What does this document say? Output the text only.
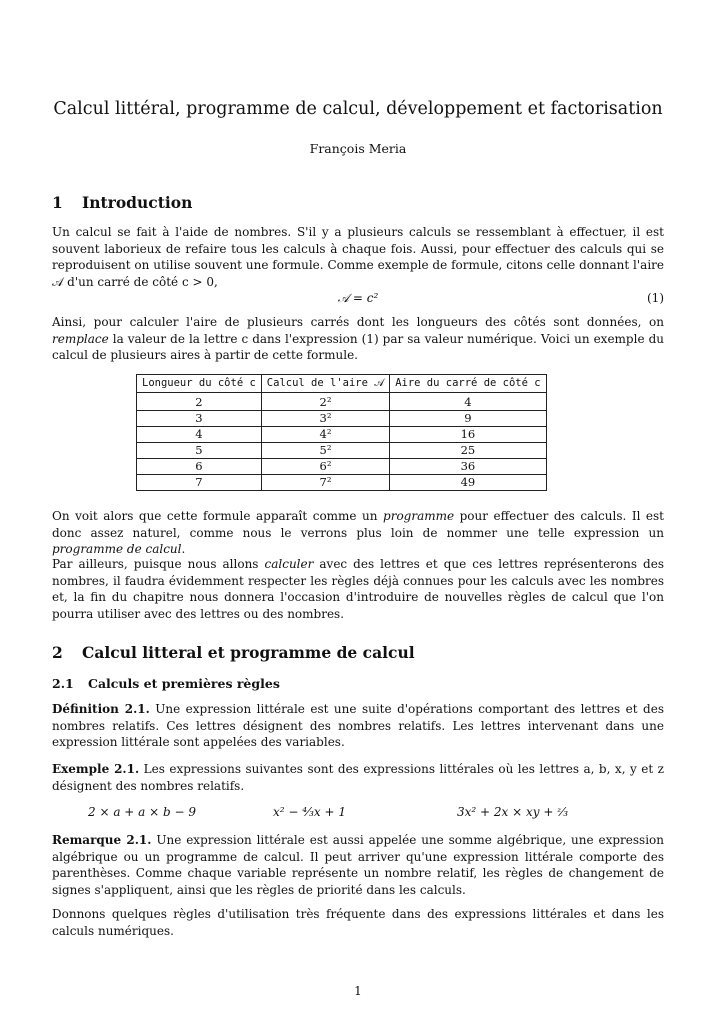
Calcul littéral, programme de calcul, développement et factorisation
François Meria
1 Introduction
Un calcul se fait à l'aide de nombres. S'il y a plusieurs calculs se ressemblant à effectuer, il est souvent laborieux de refaire tous les calculs à chaque fois. Aussi, pour effectuer des calculs qui se reproduisent on utilise souvent une formule. Comme exemple de formule, citons celle donnant l'aire 𝒜 d'un carré de côté c > 0,
𝒜 = c²	(1)
Ainsi, pour calculer l'aire de plusieurs carrés dont les longueurs des côtés sont données, on remplace la valeur de la lettre c dans l'expression (1) par sa valeur numérique. Voici un exemple du calcul de plusieurs aires à partir de cette formule.
Longueur du côté c	Calcul de l'aire 𝒜	Aire du carré de côté c
2	2²	4
3	3²	9
4	4²	16
5	5²	25
6	6²	36
7	7²	49
On voit alors que cette formule apparaît comme un programme pour effectuer des calculs. Il est donc assez naturel, comme nous le verrons plus loin de nommer une telle expression un programme de calcul.
Par ailleurs, puisque nous allons calculer avec des lettres et que ces lettres représenterons des nombres, il faudra évidemment respecter les règles déjà connues pour les calculs avec les nombres et, la fin du chapitre nous donnera l'occasion d'introduire de nouvelles règles de calcul que l'on pourra utiliser avec des lettres ou des nombres.
2 Calcul litteral et programme de calcul
2.1 Calculs et premières règles
Définition 2.1. Une expression littérale est une suite d'opérations comportant des lettres et des nombres relatifs. Ces lettres désignent des nombres relatifs. Les lettres intervenant dans une expression littérale sont appelées des variables.
Exemple 2.1. Les expressions suivantes sont des expressions littérales où les lettres a, b, x, y et z désignent des nombres relatifs.
2 × a + a × b − 9	x² − ⁴⁄₃x + 1	3x² + 2x × xy + ᶻ⁄₃
Remarque 2.1. Une expression littérale est aussi appelée une somme algébrique, une expression algébrique ou un programme de calcul. Il peut arriver qu'une expression littérale comporte des parenthèses. Comme chaque variable représente un nombre relatif, les règles de changement de signes s'appliquent, ainsi que les règles de priorité dans les calculs.
Donnons quelques règles d'utilisation très fréquente dans des expressions littérales et dans les calculs numériques.
1
